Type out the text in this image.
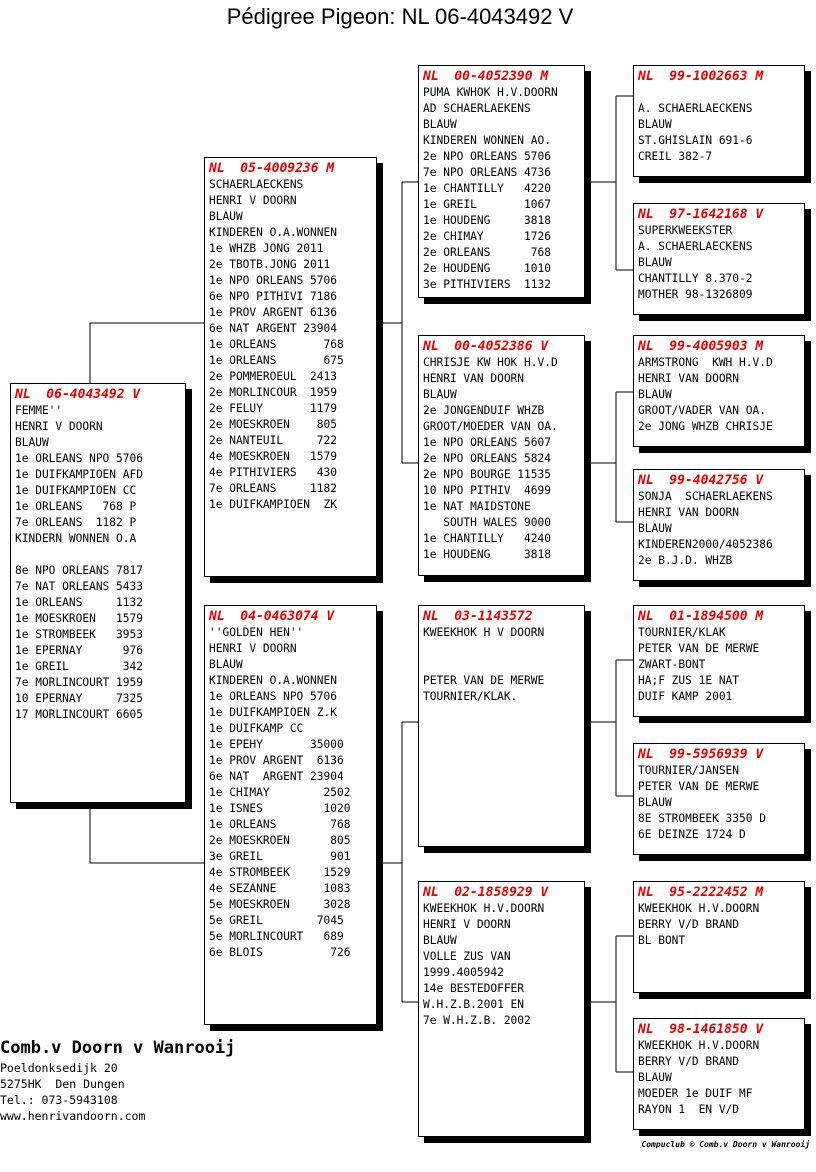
Pédigree Pigeon: NL 06-4043492 V
NL  06-4043492 V
FEMME''
HENRI V DOORN
BLAUW
1e ORLEANS NPO 5706
1e DUIFKAMPIOEN AFD
1e DUIFKAMPIOEN CC
1e ORLEANS   768 P
7e ORLEANS  1182 P
KINDERN WONNEN O.A
8e NPO ORLEANS 7817
7e NAT ORLEANS 5433
1e ORLEANS     1132
1e MOESKROEN   1579
1e STROMBEEK   3953
1e EPERNAY      976
1e GREIL        342
7e MORLINCOURT 1959
10 EPERNAY     7325
17 MORLINCOURT 6605
NL  05-4009236 M
SCHAERLAECKENS
HENRI V DOORN
BLAUW
KINDEREN O.A.WONNEN
1e WHZB JONG 2011
2e TBOTB.JONG 2011
1e NPO ORLEANS 5706
6e NPO PITHIVI 7186
1e PROV ARGENT 6136
6e NAT ARGENT 23904
1e ORLEANS       768
1e ORLEANS       675
2e POMMEROEUL  2413
2e MORLINCOUR  1959
2e FELUY       1179
2e MOESKROEN    805
2e NANTEUIL     722
4e MOESKROEN   1579
4e PITHIVIERS   430
7e ORLEANS     1182
1e DUIFKAMPIOEN  ZK
NL  04-0463074 V
''GOLDEN HEN''
HENRI V DOORN
BLAUW
KINDEREN O.A.WONNEN
1e ORLEANS NPO 5706
1e DUIFKAMPIOEN Z.K
1e DUIFKAMP CC
1e EPEHY       35000
1e PROV ARGENT  6136
6e NAT  ARGENT 23904
1e CHIMAY        2502
1e ISNES         1020
1e ORLEANS        768
2e MOESKROEN      805
3e GREIL          901
4e STROMBEEK     1529
4e SEZANNE       1083
5e MOESKROEN     3028
5e GREIL        7045
5e MORLINCOURT   689
6e BLOIS          726
NL  00-4052390 M
PUMA KWHOK H.V.DOORN
AD SCHAERLAEKENS
BLAUW
KINDEREN WONNEN AO.
2e NPO ORLEANS 5706
7e NPO ORLEANS 4736
1e CHANTILLY   4220
1e GREIL       1067
1e HOUDENG     3818
2e CHIMAY      1726
2e ORLEANS      768
2e HOUDENG     1010
3e PITHIVIERS  1132
NL  00-4052386 V
CHRISJE KW HOK H.V.D
HENRI VAN DOORN
BLAUW
2e JONGENDUIF WHZB
GROOT/MOEDER VAN OA.
1e NPO ORLEANS 5607
2e NPO ORLEANS 5824
2e NPO BOURGE 11535
10 NPO PITHIV  4699
1e NAT MAIDSTONE
SOUTH WALES 9000
1e CHANTILLY   4240
1e HOUDENG     3818
NL  03-1143572
KWEEKHOK H V DOORN
PETER VAN DE MERWE
TOURNIER/KLAK.
NL  02-1858929 V
KWEEKHOK H.V.DOORN
HENRI V DOORN
BLAUW
VOLLE ZUS VAN
1999.4005942
14e BESTEDOFFER
W.H.Z.B.2001 EN
7e W.H.Z.B. 2002
NL  99-1002663 M
A. SCHAERLAECKENS
BLAUW
ST.GHISLAIN 691-6
CREIL 382-7
NL  97-1642168 V
SUPERKWEEKSTER
A. SCHAERLAECKENS
BLAUW
CHANTILLY 8.370-2
MOTHER 98-1326809
NL  99-4005903 M
ARMSTRONG  KWH H.V.D
HENRI VAN DOORN
BLAUW
GROOT/VADER VAN OA.
2e JONG WHZB CHRISJE
NL  99-4042756 V
SONJA  SCHAERLAEKENS
HENRI VAN DOORN
BLAUW
KINDEREN2000/4052386
2e B.J.D. WHZB
NL  01-1894500 M
TOURNIER/KLAK
PETER VAN DE MERWE
ZWART-BONT
HA;F ZUS 1E NAT
DUIF KAMP 2001
NL  99-5956939 V
TOURNIER/JANSEN
PETER VAN DE MERWE
BLAUW
8E STROMBEEK 3350 D
6E DEINZE 1724 D
NL  95-2222452 M
KWEEKHOK H.V.DOORN
BERRY V/D BRAND
BL BONT
NL  98-1461850 V
KWEEKHOK H.V.DOORN
BERRY V/D BRAND
BLAUW
MOEDER 1e DUIF MF
RAYON 1  EN V/D
Comb.v Doorn v Wanrooij
Poeldonksedijk 20
5275HK  Den Dungen
Tel.: 073-5943108
www.henrivandoorn.com
Compuclub © Comb.v Doorn v Wanrooij
